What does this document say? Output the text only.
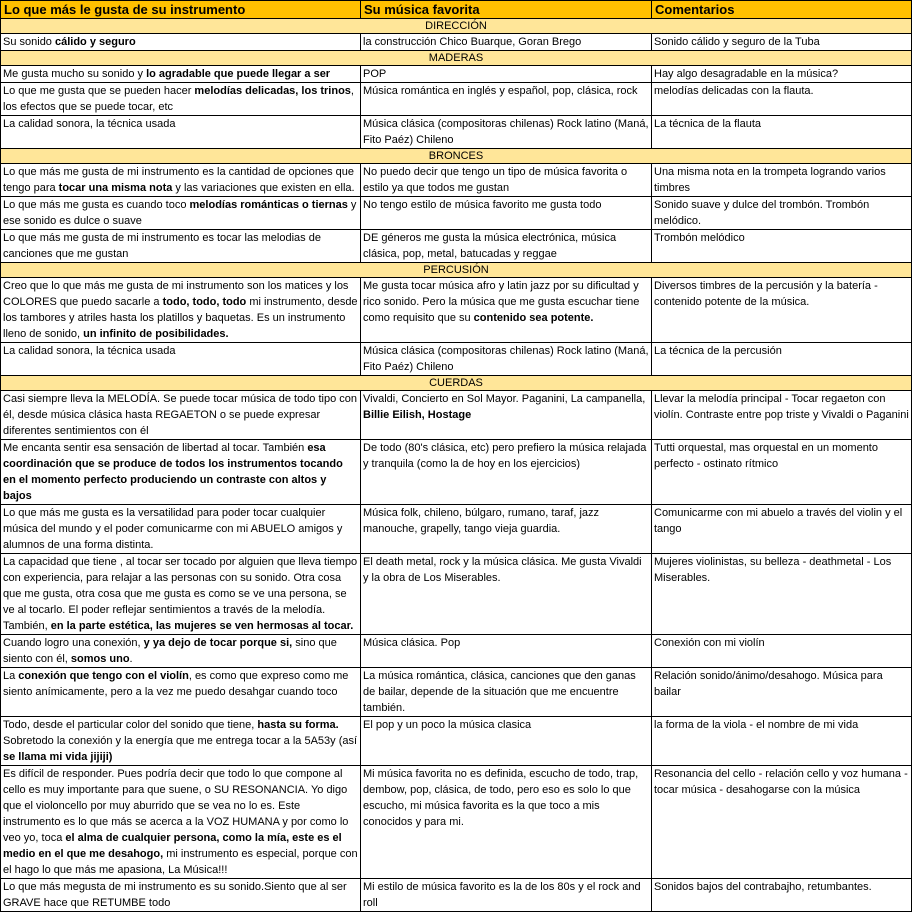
Lo que más le gusta de su instrumento	Su música favorita	Comentarios
DIRECCIÓN		
Su sonido cálido y seguro	la construcción Chico Buarque, Goran Brego	Sonido cálido y seguro de la Tuba
MADERAS		
Me gusta mucho su sonido y lo agradable que puede llegar a ser	POP	Hay algo desagradable en la música?
Lo que me gusta que se pueden hacer melodías delicadas, los trinos, los efectos que se puede tocar, etc	Música romántica en inglés y español, pop, clásica, rock	melodías delicadas con la flauta.
La calidad sonora, la técnica usada	Música clásica (compositoras chilenas) Rock latino (Maná, Fito Paéz) Chileno	La técnica de la flauta
BRONCES		
Lo que más me gusta de mi instrumento es la cantidad de opciones que tengo para tocar una misma nota y las variaciones que existen en ella.	No puedo decir que tengo un tipo de música favorita o estilo ya que todos me gustan	Una misma nota en la trompeta logrando varios timbres
Lo que más me gusta es cuando toco melodías románticas o tiernas y ese sonido es dulce o suave	No tengo estilo de música favorito me gusta todo	Sonido suave y dulce del trombón. Trombón melódico.
Lo que más me gusta de mi instrumento es tocar las melodias de canciones que me gustan	DE géneros me gusta la música electrónica, música clásica, pop, metal, batucadas y reggae	Trombón melódico
PERCUSIÓN		
Creo que lo que más me gusta de mi instrumento son los matices y los COLORES que puedo sacarle a todo, todo, todo mi instrumento, desde los tambores y atriles hasta los platillos y baquetas. Es un instrumento lleno de sonido, un infinito de posibilidades.	Me gusta tocar música afro y latin jazz por su dificultad y rico sonido. Pero la música que me gusta escuchar tiene como requisito que su contenido sea potente.	Diversos timbres de la percusión y la batería - contenido potente de la música.
La calidad sonora, la técnica usada	Música clásica (compositoras chilenas) Rock latino (Maná, Fito Paéz) Chileno	La técnica de la percusión
CUERDAS		
Casi siempre lleva la MELODÍA. Se puede tocar música de todo tipo con él, desde música clásica hasta REGAETON o se puede expresar diferentes sentimientos con él	Vivaldi, Concierto en Sol Mayor. Paganini, La campanella, Billie Eilish, Hostage	Llevar la melodía principal - Tocar regaeton con violín. Contraste entre pop triste y Vivaldi o Paganini
Me encanta sentir esa sensación de libertad al tocar. También esa coordinación que se produce de todos los instrumentos tocando en el momento perfecto produciendo un contraste con altos y bajos	De todo (80's clásica, etc) pero prefiero la música relajada y tranquila (como la de hoy en los ejercicios)	Tutti orquestal, mas orquestal en un momento perfecto - ostinato rítmico
Lo que más me gusta es la versatilidad para poder tocar cualquier música del mundo y el poder comunicarme con mi ABUELO amigos y alumnos de una forma distinta.	Música folk, chileno, búlgaro, rumano, taraf, jazz manouche, grapelly, tango vieja guardia.	Comunicarme con mi abuelo a través del violin y el tango
La capacidad que tiene , al tocar ser tocado por alguien que lleva tiempo con experiencia, para relajar a las personas con su sonido. Otra cosa que me gusta, otra cosa que me gusta es como se ve una persona, se ve al tocarlo. El poder reflejar sentimientos a través de la melodía. También, en la parte estética, las mujeres se ven hermosas al tocar.	El death metal, rock y la música clásica. Me gusta Vivaldi y la obra de Los Miserables.	Mujeres violinistas, su belleza - deathmetal - Los Miserables.
Cuando logro una conexión, y ya dejo de tocar porque si, sino que siento con él, somos uno.	Música clásica. Pop	Conexión con mi violín
La conexión que tengo con el violín, es como que expreso como me siento anímicamente, pero a la vez me puedo desahgar cuando toco	La música romántica, clásica, canciones que den ganas de bailar, depende de la situación que me encuentre también.	Relación sonido/ánimo/desahogo. Música para bailar
Todo, desde el particular color del sonido que tiene, hasta su forma. Sobretodo la conexión y la energía que me entrega tocar a la 5A53y (así se llama mi vida jijiji)	El pop y un poco la música clasica	la forma de la viola - el nombre de mi vida
Es difícil de responder. Pues podría decir que todo lo que compone al cello es muy importante para que suene, o SU RESONANCIA. Yo digo que el violoncello por muy aburrido que se vea no lo es. Este instrumento es lo que más se acerca a la VOZ HUMANA y por como lo veo yo, toca el alma de cualquier persona, como la mía, este es el medio en el que me desahogo, mi instrumento es especial, porque con el hago lo que más me apasiona, La Música!!!	Mi música favorita no es definida, escucho de todo, trap, dembow, pop, clásica, de todo, pero eso es solo lo que escucho, mi música favorita es la que toco a mis conocidos y para mi.	Resonancia del cello - relación cello y voz humana - tocar música - desahogarse con la música
Lo que más megusta de mi instrumento es su sonido.Siento que al ser GRAVE hace que RETUMBE todo	Mi estilo de música favorito es la de los 80s y el rock and roll	Sonidos bajos del contrabajho, retumbantes.
